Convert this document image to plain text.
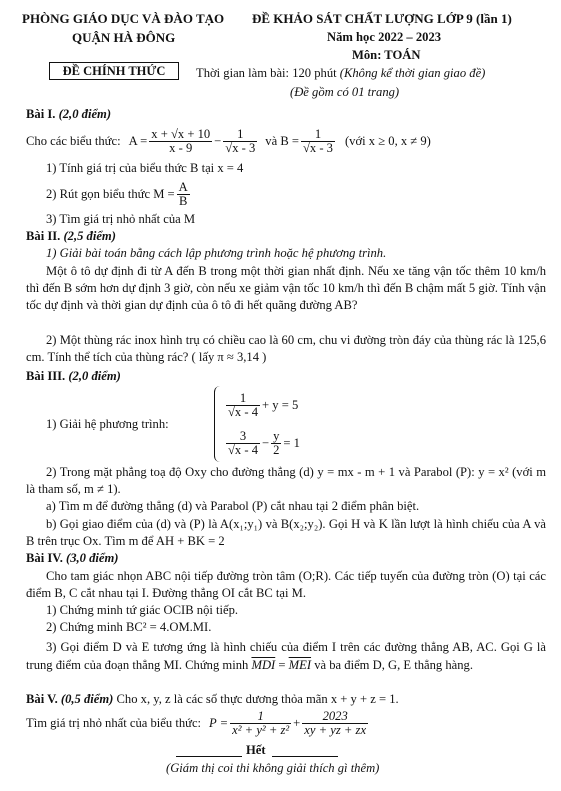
PHÒNG GIÁO DỤC VÀ ĐÀO TẠO
QUẬN HÀ ĐÔNG
ĐỀ CHÍNH THỨC
ĐỀ KHẢO SÁT CHẤT LƯỢNG LỚP 9 (lần 1)
Năm học 2022 – 2023
Môn: TOÁN
Thời gian làm bài: 120 phút (Không kể thời gian giao đề)
(Đề gồm có 01 trang)
Bài I. (2,0 điểm)
Cho các biểu thức: $A = \frac{x + √x + 10}{x - 9} - \frac{1}{√x - 3}$ và $B = \frac{1}{√x - 3}$ (với x ≥ 0, x ≠ 9)
1) Tính giá trị của biểu thức B tại x = 4
2) Rút gọn biểu thức $M = \frac{A}{B}$
3) Tìm giá trị nhỏ nhất của M
Bài II. (2,5 điểm)
1) Giải bài toán bằng cách lập phương trình hoặc hệ phương trình.
Một ô tô dự định đi từ A đến B trong một thời gian nhất định. Nếu xe tăng vận tốc thêm 10 km/h thì đến B sớm hơn dự định 3 giờ, còn nếu xe giảm vận tốc 10 km/h thì đến B chậm mất 5 giờ. Tính vận tốc dự định và thời gian dự định của ô tô đi hết quãng đường AB?
2) Một thùng rác inox hình trụ có chiều cao là 60 cm, chu vi đường tròn đáy của thùng rác là 125,6 cm. Tính thể tích của thùng rác? ( lấy π ≈ 3,14 )
Bài III. (2,0 điểm)
1) Giải hệ phương trình:
$\frac{1}{√x - 4} + y = 5$
$\frac{3}{√x - 4} - \frac{y}{2} = 1$
2) Trong mặt phẳng toạ độ Oxy cho đường thẳng (d) y = mx - m + 1 và Parabol (P): y = x² (với m là tham số, m ≠ 1).
a) Tìm m để đường thẳng (d) và Parabol (P) cắt nhau tại 2 điểm phân biệt.
b) Gọi giao điểm của (d) và (P) là A(x₁;y₁) và B(x₂;y₂). Gọi H và K lần lượt là hình chiếu của A và B trên trục Ox. Tìm m để AH + BK = 2
Bài IV. (3,0 điểm)
Cho tam giác nhọn ABC nội tiếp đường tròn tâm (O;R). Các tiếp tuyến của đường tròn (O) tại các điểm B, C cắt nhau tại I. Đường thẳng OI cắt BC tại M.
1) Chứng minh tứ giác OCIB nội tiếp.
2) Chứng minh BC² = 4.OM.MI.
3) Gọi điểm D và E tương ứng là hình chiếu của điểm I trên các đường thẳng AB, AC. Gọi G là trung điểm của đoạn thẳng MI. Chứng minh $\overline{MDI} = \overline{MEI}$ và ba điểm D, G, E thẳng hàng.
Bài V. (0,5 điểm) Cho x, y, z là các số thực dương thỏa mãn x + y + z = 1.
Tìm giá trị nhỏ nhất của biểu thức: $P = \frac{1}{\text{x² + y² + z²}} + \frac{2023}{xy + yz + zx}$
Hết
(Giám thị coi thi không giải thích gì thêm)
